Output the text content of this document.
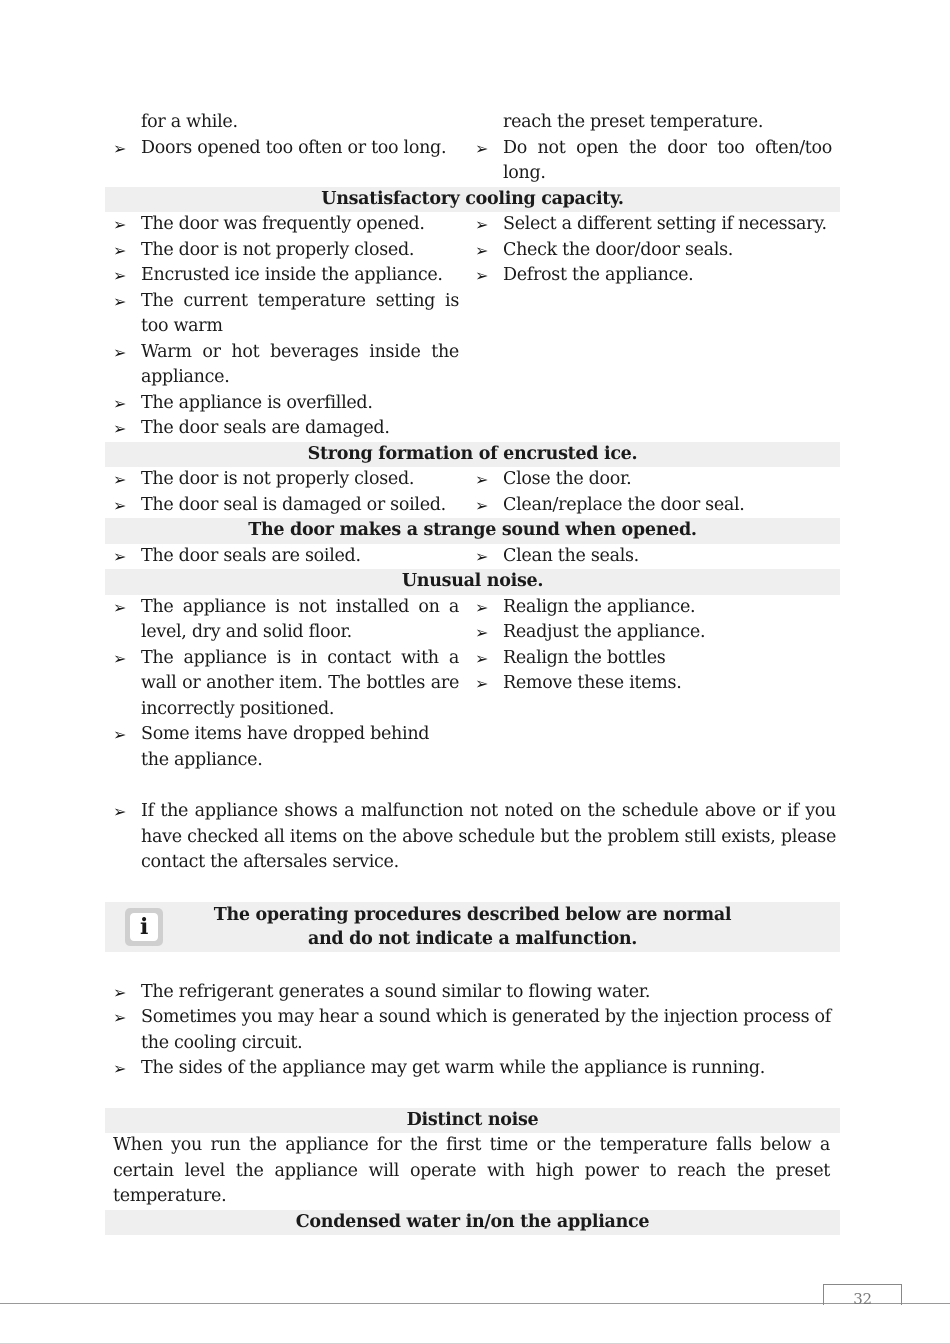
for a while.
➢ Doors opened too often or too long.
reach the preset temperature.
➢ Do not open the door too often/too long.
Unsatisfactory cooling capacity.
➢ The door was frequently opened.
➢ The door is not properly closed.
➢ Encrusted ice inside the appliance.
➢ The current temperature setting is too warm
➢ Warm or hot beverages inside the appliance.
➢ The appliance is overfilled.
➢ The door seals are damaged.
➢ Select a different setting if necessary.
➢ Check the door/door seals.
➢ Defrost the appliance.
Strong formation of encrusted ice.
➢ The door is not properly closed.
➢ The door seal is damaged or soiled.
➢ Close the door.
➢ Clean/replace the door seal.
The door makes a strange sound when opened.
➢ The door seals are soiled.	➢ Clean the seals.
Unusual noise.
➢ The appliance is not installed on a level, dry and solid floor.
➢ The appliance is in contact with a wall or another item. The bottles are incorrectly positioned.
➢ Some items have dropped behind the appliance.
➢ Realign the appliance.
➢ Readjust the appliance.
➢ Realign the bottles
➢ Remove these items.
➢ If the appliance shows a malfunction not noted on the schedule above or if you have checked all items on the above schedule but the problem still exists, please contact the aftersales service.
i	The operating procedures described below are normal
and do not indicate a malfunction.
➢ The refrigerant generates a sound similar to flowing water.
➢ Sometimes you may hear a sound which is generated by the injection process of the cooling circuit.
➢ The sides of the appliance may get warm while the appliance is running.
Distinct noise
When you run the appliance for the first time or the temperature falls below a certain level the appliance will operate with high power to reach the preset temperature.
Condensed water in/on the appliance
32
